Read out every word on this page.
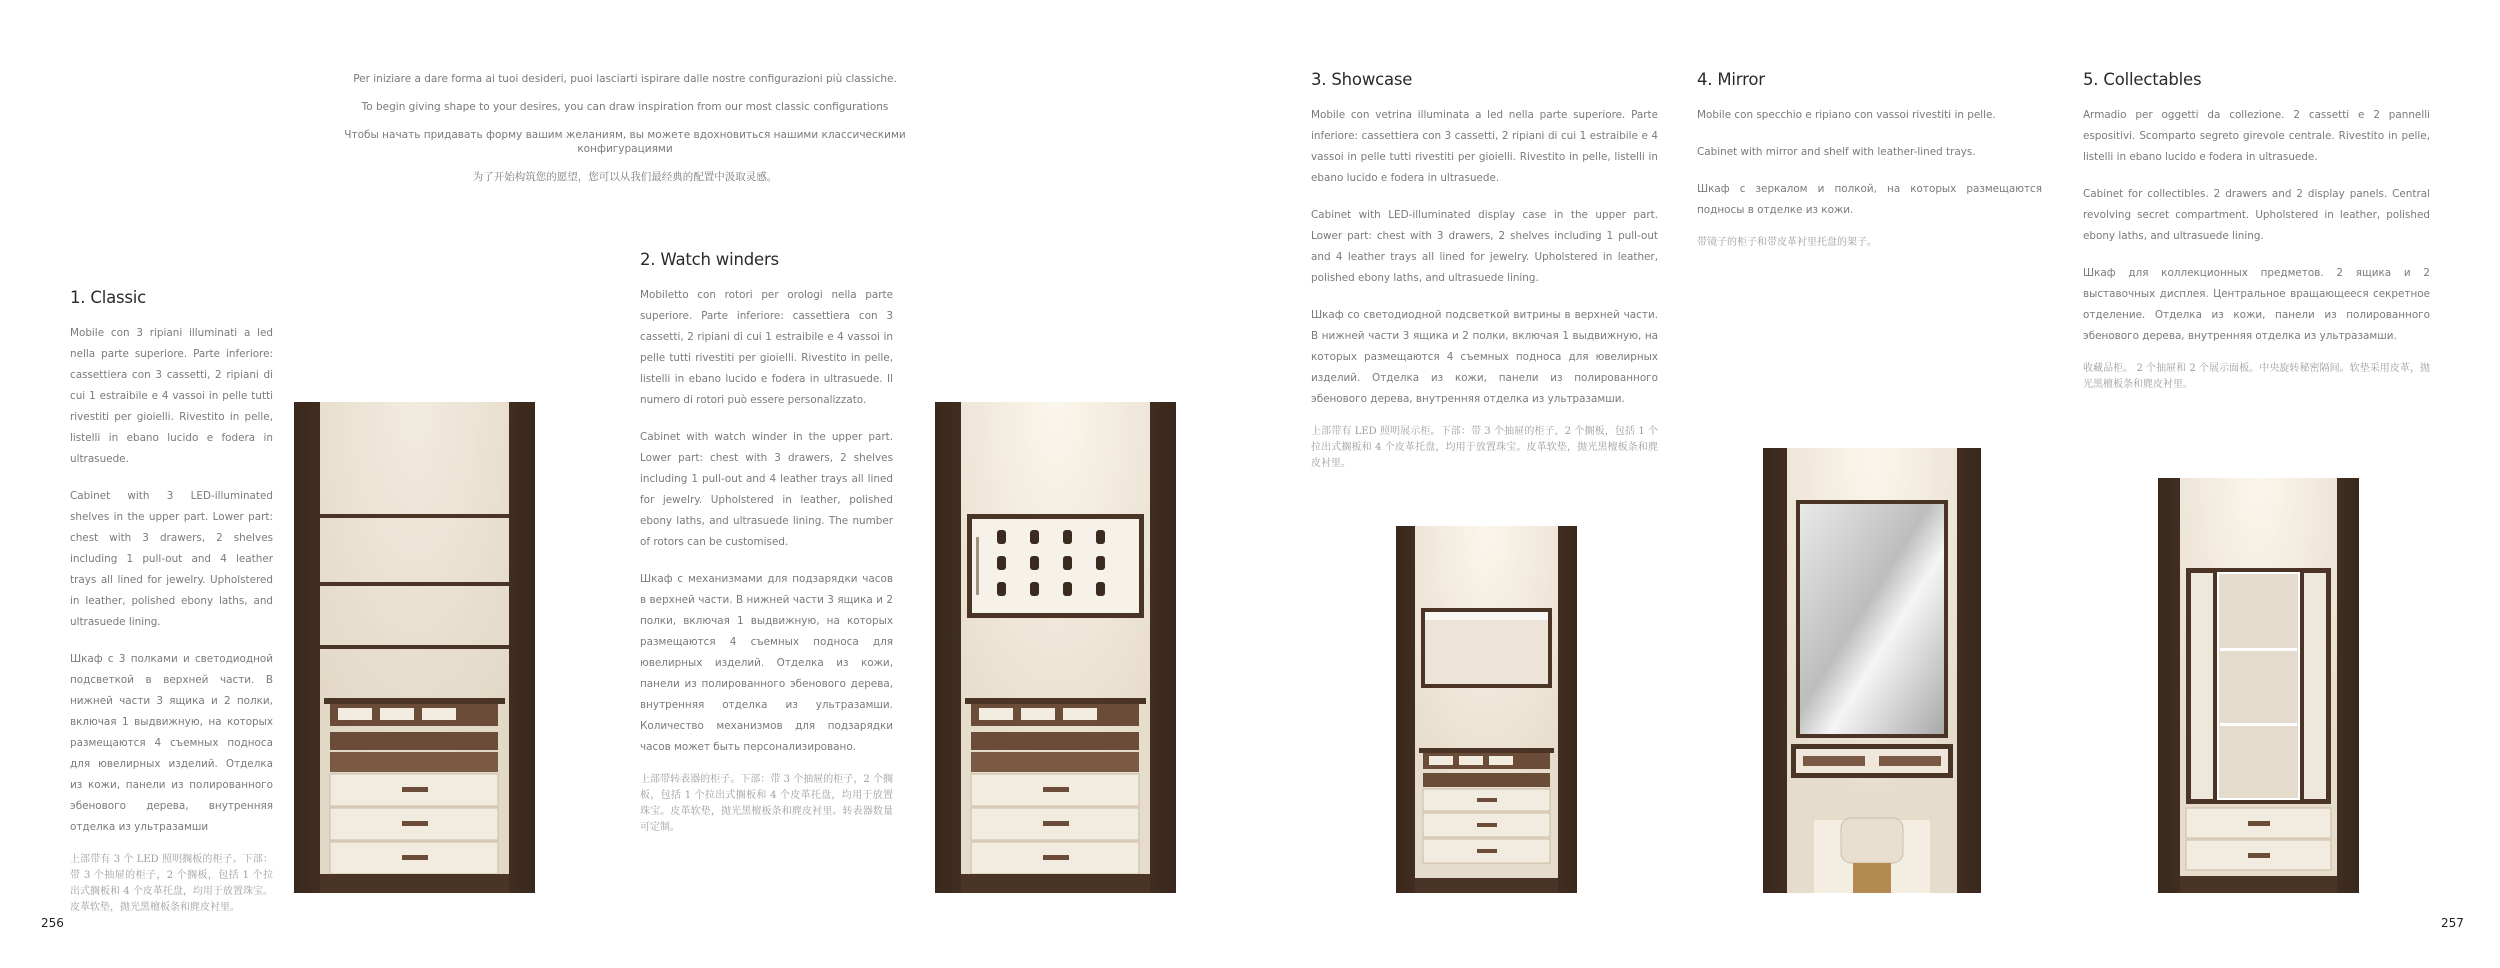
Per iniziare a dare forma ai tuoi desideri, puoi lasciarti ispirare dalle nostre configurazioni più classiche.

To begin giving shape to your desires, you can draw inspiration from our most classic configurations

Чтобы начать придавать форму вашим желаниям, вы можете вдохновиться нашими классическими конфигурациями

为了开始构筑您的愿望，您可以从我们最经典的配置中汲取灵感。

1. Classic

Mobile con 3 ripiani illuminati a led nella parte superiore. Parte inferiore: cassettiera con 3 cassetti, 2 ripiani di cui 1 estraibile e 4 vassoi in pelle tutti rivestiti per gioielli. Rivestito in pelle, listelli in ebano lucido e fodera in ultrasuede.

Cabinet with 3 LED-illuminated shelves in the upper part. Lower part: chest with 3 drawers, 2 shelves including 1 pull-out and 4 leather trays all lined for jewelry. Upholstered in leather, polished ebony laths, and ultrasuede lining.

Шкаф с 3 полками и светодиодной подсветкой в верхней части. В нижней части 3 ящика и 2 полки, включая 1 выдвижную, на которых размещаются 4 съемных подноса для ювелирных изделий. Отделка из кожи, панели из полированного эбенового дерева, внутренняя отделка из ультразамши

上部带有 3 个 LED 照明搁板的柜子。下部：带 3 个抽屉的柜子，2 个搁板，包括 1 个拉出式搁板和 4 个皮革托盘，均用于放置珠宝。皮革软垫，抛光黑檀板条和麂皮衬里。

2. Watch winders

Mobiletto con rotori per orologi nella parte superiore. Parte inferiore: cassettiera con 3 cassetti, 2 ripiani di cui 1 estraibile e 4 vassoi in pelle tutti rivestiti per gioielli. Rivestito in pelle, listelli in ebano lucido e fodera in ultrasuede. Il numero di rotori può essere personalizzato.

Cabinet with watch winder in the upper part. Lower part: chest with 3 drawers, 2 shelves including 1 pull-out and 4 leather trays all lined for jewelry. Upholstered in leather, polished ebony laths, and ultrasuede lining. The number of rotors can be customised.

Шкаф с механизмами для подзарядки часов в верхней части. В нижней части 3 ящика и 2 полки, включая 1 выдвижную, на которых размещаются 4 съемных подноса для ювелирных изделий. Отделка из кожи, панели из полированного эбенового дерева, внутренняя отделка из ультразамши. Количество механизмов для подзарядки часов может быть персонализировано.

上部带转表器的柜子。下部：带 3 个抽屉的柜子，2 个搁板，包括 1 个拉出式搁板和 4 个皮革托盘，均用于放置珠宝。皮革软垫，抛光黑檀板条和麂皮衬里。转表器数量可定制。

3. Showcase

Mobile con vetrina illuminata a led nella parte superiore. Parte inferiore: cassettiera con 3 cassetti, 2 ripiani di cui 1 estraibile e 4 vassoi in pelle tutti rivestiti per gioielli. Rivestito in pelle, listelli in ebano lucido e fodera in ultrasuede.

Cabinet with LED-illuminated display case in the upper part. Lower part: chest with 3 drawers, 2 shelves including 1 pull-out and 4 leather trays all lined for jewelry. Upholstered in leather, polished ebony laths, and ultrasuede lining.

Шкаф со светодиодной подсветкой витрины в верхней части. В нижней части 3 ящика и 2 полки, включая 1 выдвижную, на которых размещаются 4 съемных подноса для ювелирных изделий. Отделка из кожи, панели из полированного эбенового дерева, внутренняя отделка из ультразамши.

上部带有 LED 照明展示柜。下部：带 3 个抽屉的柜子，2 个搁板，包括 1 个拉出式搁板和 4 个皮革托盘，均用于放置珠宝。皮革软垫，抛光黑檀板条和麂皮衬里。

4. Mirror

Mobile con specchio e ripiano con vassoi rivestiti in pelle.

Cabinet with mirror and shelf with leather-lined trays.

Шкаф с зеркалом и полкой, на которых размещаются подносы в отделке из кожи.

带镜子的柜子和带皮革衬里托盘的架子。

5. Collectables

Armadio per oggetti da collezione. 2 cassetti e 2 pannelli espositivi. Scomparto segreto girevole centrale. Rivestito in pelle, listelli in ebano lucido e fodera in ultrasuede.

Cabinet for collectibles. 2 drawers and 2 display panels. Central revolving secret compartment. Upholstered in leather, polished ebony laths, and ultrasuede lining.

Шкаф для коллекционных предметов. 2 ящика и 2 выставочных дисплея. Центральное вращающееся секретное отделение. Отделка из кожи, панели из полированного эбенового дерева, внутренняя отделка из ультразамши.

收藏品柜。 2 个抽屉和 2 个展示面板。中央旋转秘密隔间。软垫采用皮革，抛光黑檀板条和麂皮衬里。

256	257
